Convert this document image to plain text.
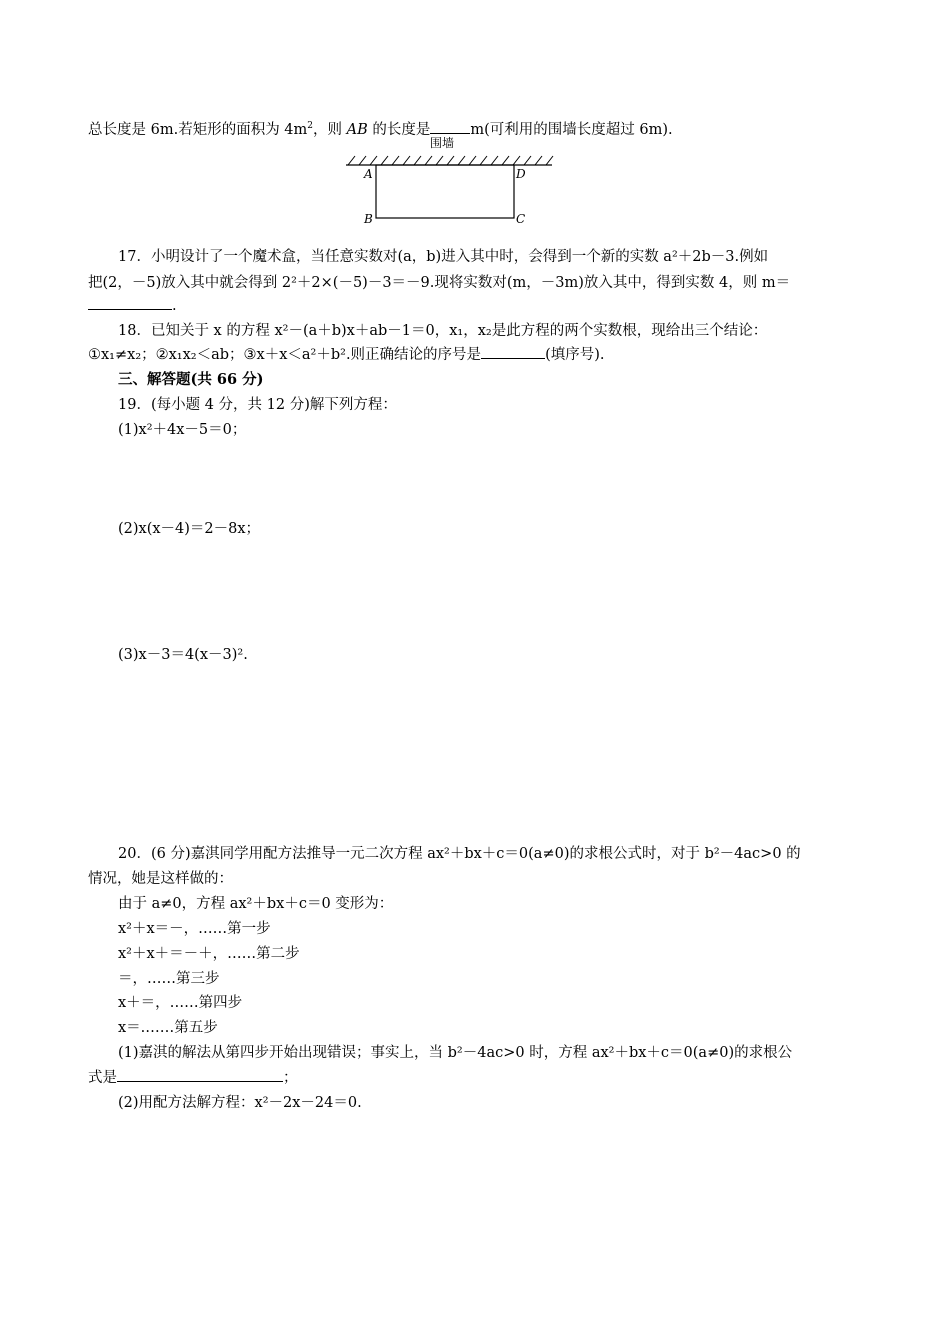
总长度是 6m.若矩形的面积为 $4m^2$，则 AB 的长度是	m(可利用的围墙长度超过 6m).
围墙
A	D
B	C
17．小明设计了一个魔术盒，当任意实数对(a，b)进入其中时，会得到一个新的实数 a²＋2b－3.例如
把(2，－5)放入其中就会得到 2²＋2×(－5)－3＝－9.现将实数对(m，－3m)放入其中，得到实数 4，则 m＝
.
18．已知关于 x 的方程 x²－(a＋b)x＋ab－1＝0，x₁，x₂是此方程的两个实数根，现给出三个结论：
①x₁≠x₂；②x₁x₂＜ab；③x＋x＜a²＋b².则正确结论的序号是	(填序号).
三、解答题(共 66 分)
19．(每小题 4 分，共 12 分)解下列方程：
(1)x²＋4x－5＝0；
(2)x(x－4)＝2－8x；
(3)x－3＝4(x－3)².
20．(6 分)嘉淇同学用配方法推导一元二次方程 ax²＋bx＋c＝0(a≠0)的求根公式时，对于 b²－4ac>0 的
情况，她是这样做的：
由于 a≠0，方程 ax²＋bx＋c＝0 变形为：
x²＋x＝－，……第一步
x²＋x＋＝－＋，……第二步
＝，……第三步
x＋＝，……第四步
x＝.……第五步
(1)嘉淇的解法从第四步开始出现错误；事实上，当 b²－4ac>0 时，方程 ax²＋bx＋c＝0(a≠0)的求根公
式是	；
(2)用配方法解方程：x²－2x－24＝0.
